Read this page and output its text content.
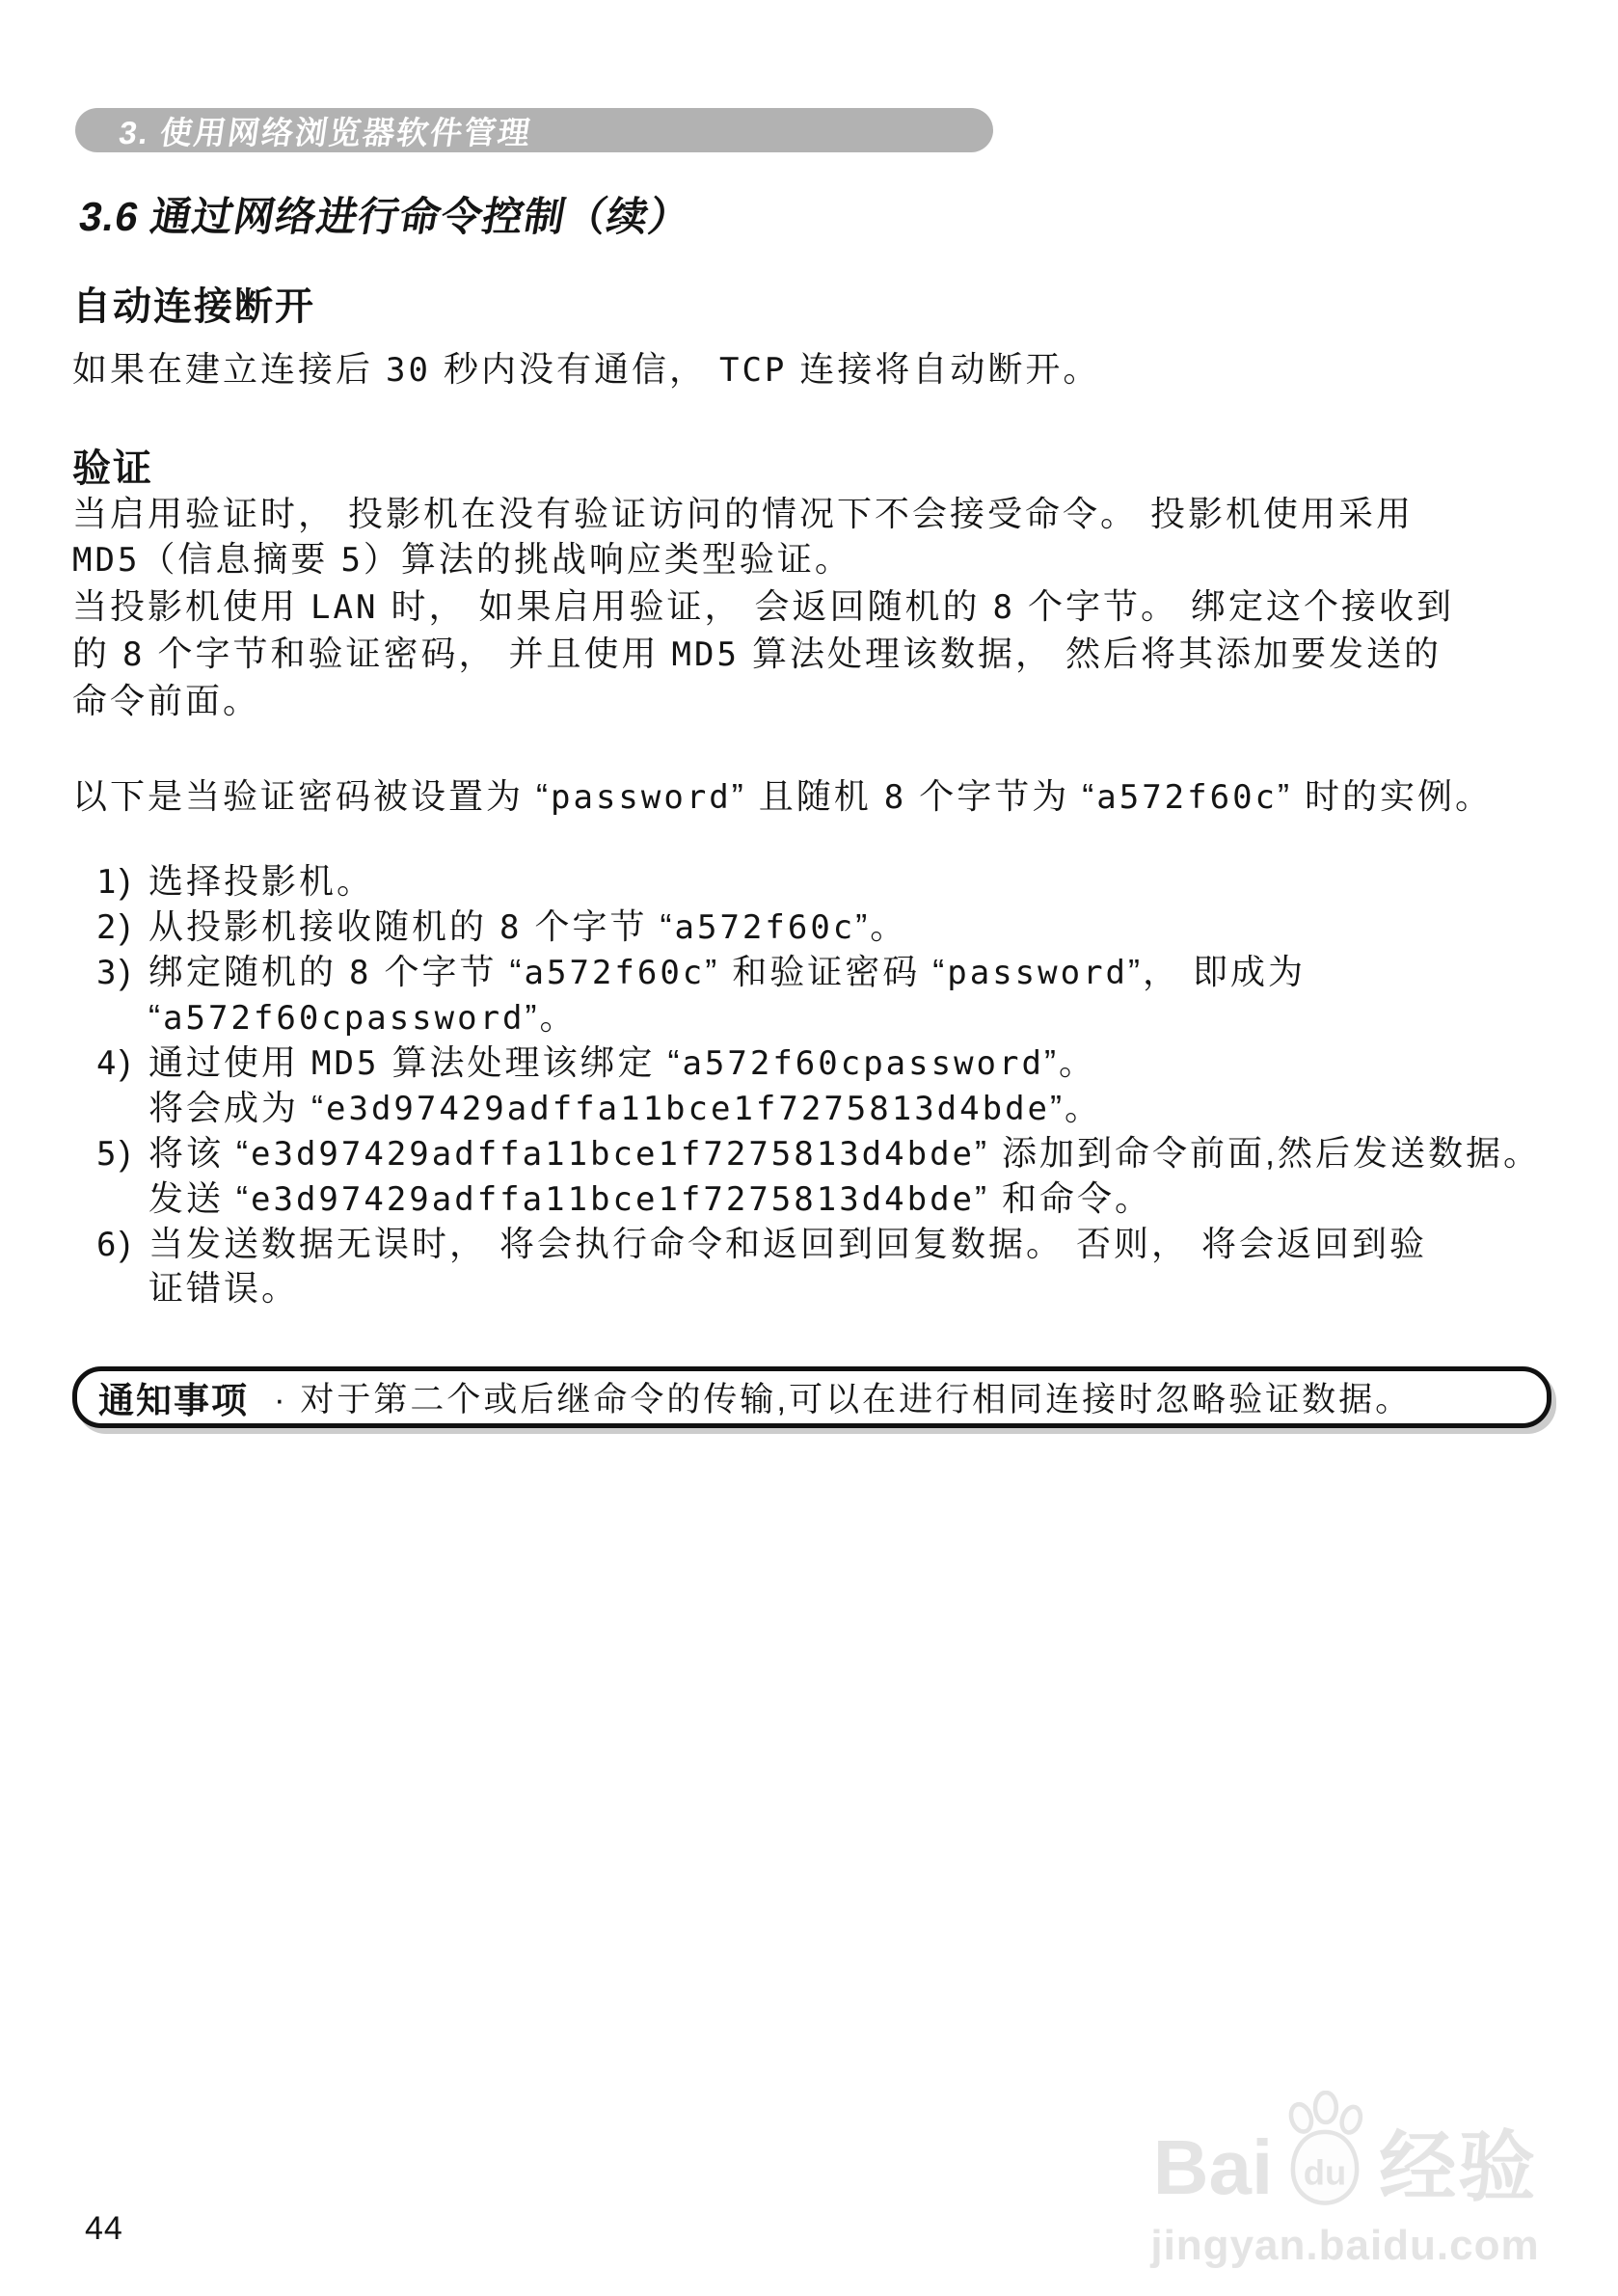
3. 使用网络浏览器软件管理
3.6 通过网络进行命令控制（续）
自动连接断开
如果在建立连接后 30 秒内没有通信， TCP 连接将自动断开。
验证
当启用验证时， 投影机在没有验证访问的情况下不会接受命令。 投影机使用采用
MD5（信息摘要 5）算法的挑战响应类型验证。
当投影机使用 LAN 时， 如果启用验证， 会返回随机的 8 个字节。 绑定这个接收到
的 8 个字节和验证密码， 并且使用 MD5 算法处理该数据， 然后将其添加要发送的
命令前面。
以下是当验证密码被设置为 “password” 且随机 8 个字节为 “a572f60c” 时的实例。
1) 选择投影机。
2) 从投影机接收随机的 8 个字节 “a572f60c”。
3) 绑定随机的 8 个字节 “a572f60c” 和验证密码 “password”， 即成为
“a572f60cpassword”。
4) 通过使用 MD5 算法处理该绑定 “a572f60cpassword”。
将会成为 “e3d97429adffa11bce1f7275813d4bde”。
5) 将该 “e3d97429adffa11bce1f7275813d4bde” 添加到命令前面,然后发送数据。
发送 “e3d97429adffa11bce1f7275813d4bde” 和命令。
6) 当发送数据无误时， 将会执行命令和返回到回复数据。 否则， 将会返回到验
证错误。
通知事项 · 对于第二个或后继命令的传输,可以在进行相同连接时忽略验证数据。
44
Bai du 经验
jingyan.baidu.com
